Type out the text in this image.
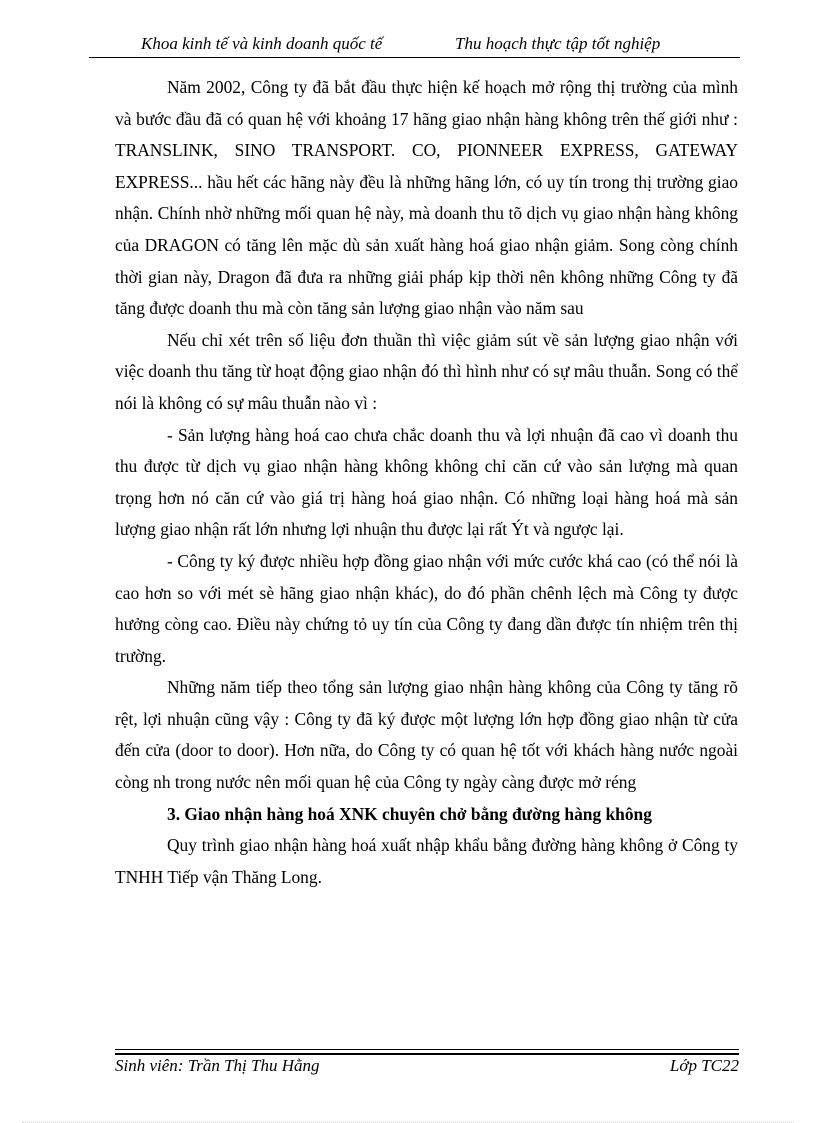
Khoa kinh tế và kinh doanh quốc tế	Thu hoạch thực tập tốt nghiệp

Năm 2002, Công ty đã bắt đầu thực hiện kế hoạch mở rộng thị trường của mình và bước đầu đã có quan hệ với khoảng 17 hãng giao nhận hàng không trên thế giới như : TRANSLINK, SINO TRANSPORT. CO, PIONNEER EXPRESS, GATEWAY EXPRESS... hầu hết các hãng này đều là những hãng lớn, có uy tín trong thị trường giao nhận. Chính nhờ những mối quan hệ này, mà doanh thu tõ dịch vụ giao nhận hàng không của DRAGON có tăng lên mặc dù sản xuất hàng hoá giao nhận giảm. Song còng chính thời gian này, Dragon đã đưa ra những giải pháp kịp thời nên không những Công ty đã tăng được doanh thu mà còn tăng sản lượng giao nhận vào năm sau

Nếu chỉ xét trên số liệu đơn thuần thì việc giảm sút về sản lượng giao nhận với việc doanh thu tăng từ hoạt động giao nhận đó thì hình như có sự mâu thuẫn. Song có thể nói là không có sự mâu thuẫn nào vì :

- Sản lượng hàng hoá cao chưa chắc doanh thu và lợi nhuận đã cao vì doanh thu thu được từ dịch vụ giao nhận hàng không không chỉ căn cứ vào sản lượng mà quan trọng hơn nó căn cứ vào giá trị hàng hoá giao nhận. Có những loại hàng hoá mà sản lượng giao nhận rất lớn nhưng lợi nhuận thu được lại rất Ýt và ngược lại.

- Công ty ký được nhiều hợp đồng giao nhận với mức cước khá cao (có thể nói là cao hơn so với mét sè hãng giao nhận khác), do đó phần chênh lệch mà Công ty được hưởng còng cao. Điều này chứng tỏ uy tín của Công ty đang dần được tín nhiệm trên thị trường.

Những năm tiếp theo tổng sản lượng giao nhận hàng không của Công ty tăng rõ rệt, lợi nhuận cũng vậy : Công ty đã ký được một lượng lớn hợp đồng giao nhận từ cửa đến cửa (door to door). Hơn nữa, do Công ty có quan hệ tốt với khách hàng nước ngoài còng nh trong nước nên mối quan hệ của Công ty ngày càng được mở réng

3. Giao nhận hàng hoá XNK chuyên chở bằng đường hàng không

Quy trình giao nhận hàng hoá xuất nhập khẩu bằng đường hàng không ở Công ty TNHH Tiếp vận Thăng Long.

Sinh viên: Trần Thị Thu Hằng	Lớp TC22
